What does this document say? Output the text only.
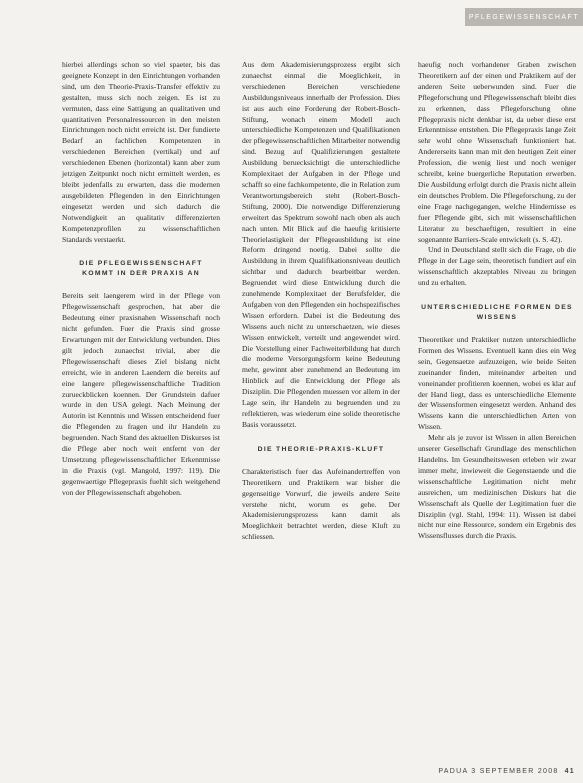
PFLEGEWISSENSCHAFT

hierbei allerdings schon so viel spaeter, bis das geeignete Konzept in den Einrichtungen vorhanden sind, um den Theorie-Praxis-Transfer effektiv zu gestalten, muss sich noch zeigen. Es ist zu vermuten, dass eine Sattigung an qualitativen und quantitativen Personalressourcen in den meisten Einrichtungen noch nicht erreicht ist. Der fundierte Bedarf an fachlichen Kompetenzen in verschiedenen Bereichen (vertikal) und auf verschiedenen Ebenen (horizontal) kann aber zum jetzigen Zeitpunkt noch nicht ermittelt werden, es bleibt jedenfalls zu erwarten, dass die modernen ausgebildeten Pflegenden in den Einrichtungen eingesetzt werden und sich dadurch die Notwendigkeit an qualitativ differenzierten Kompetenzprofilen zu wissenschaftlichen Standards verstaerkt.

DIE PFLEGEWISSENSCHAFT KOMMT IN DER PRAXIS AN

Bereits seit laengerem wird in der Pflege von Pflegewissenschaft gesprochen, hat aber die Bedeutung einer praxisnahen Wissenschaft noch nicht gefunden. Fuer die Praxis sind grosse Erwartungen mit der Entwicklung verbunden. Dies gilt jedoch zunaechst trivial, aber die Pflegewissenschaft dieses Ziel bislang nicht erreicht, wie in anderen Laendern die bereits auf eine langere pflegewissenschaftliche Tradition zurueckblicken koennen. Der Grundstein dafuer wurde in den USA gelegt. Nach Meinung der Autorin ist Kenntnis und Wissen entscheidend fuer die Pflegenden zu fragen und ihr Handeln zu begruenden. Nach Stand des aktuellen Diskurses ist die Pflege aber noch weit entfernt von der Umsetzung pflegewissenschaftlicher Erkenntnisse in die Praxis (vgl. Mangold, 1997: 119). Die gegenwaertige Pflegepraxis fuehlt sich weitgehend von der Pflegewissenschaft abgehoben.

Aus dem Akademisierungsprozess ergibt sich zunaechst einmal die Moeglichkeit, in verschiedenen Bereichen verschiedene Ausbildungsniveaus innerhalb der Profession. Dies ist aus auch eine Forderung der Robert-Bosch-Stiftung, wonach einem Modell auch unterschiedliche Kompetenzen und Qualifikationen der pflegewissenschaftlichen Mitarbeiter notwendig sind. Bezug auf Qualifizierungen gestaltete Ausbildung beruecksichtigt die unterschiedliche Komplexitaet der Aufgaben in der Pflege und schafft so eine fachkompetente, die in Relation zum Verantwortungsbereich steht (Robert-Bosch-Stiftung, 2000). Die notwendige Differenzierung erweitert das Spektrum sowohl nach oben als auch nach unten. Mit Blick auf die haeufig kritisierte Theorielastigkeit der Pflegeausbildung ist eine Reform dringend noetig. Dabei sollte die Ausbildung in ihrem Qualifikationsniveau deutlich sichtbar und dadurch bearbeitbar werden. Begruendet wird diese Entwicklung durch die zunehmende Komplexitaet der Berufsfelder, die Aufgaben von den Pflegenden ein hochspezifisches Wissen erfordern. Dabei ist die Bedeutung des Wissens auch nicht zu unterschaetzen, wie dieses Wissen entwickelt, verteilt und angewendet wird. Die Vorstellung einer Fachweiterbildung hat durch die moderne Versorgungsform keine Bedeutung mehr, gewinnt aber zunehmend an Bedeutung im Hinblick auf die Entwicklung der Pflege als Disziplin. Die Pflegenden muessen vor allem in der Lage sein, ihr Handeln zu begruenden und zu reflektieren, was wiederum eine solide theoretische Basis voraussetzt.

DIE THEORIE-PRAXIS-KLUFT

Charakteristisch fuer das Aufeinandertreffen von Theoretikern und Praktikern war bisher die gegenseitige Vorwurf, die jeweils andere Seite verstehe nicht, worum es gehe. Der Akademisierungsprozess kann damit als Moeglichkeit betrachtet werden, diese Kluft zu schliessen.

haeufig noch vorhandener Graben zwischen Theoretikern auf der einen und Praktikern auf der anderen Seite ueberwunden sind. Fuer die Pflegeforschung und Pflegewissenschaft bleibt dies zu erkennen, dass Pflegeforschung ohne Pflegepraxis nicht denkbar ist, da ueber diese erst Erkenntnisse entstehen. Die Pflegepraxis lange Zeit sehr wohl ohne Wissenschaft funktioniert hat. Andererseits kann man mit den heutigen Zeit einer Profession, die wenig liest und noch weniger schreibt, keine buergerliche Reputation erwerben. Die Ausbildung erfolgt durch die Praxis nicht allein ein deutsches Problem. Die Pflegeforschung, zu der eine Frage nachgegangen, welche Hindernisse es fuer Pflegende gibt, sich mit wissenschaftlichen Literatur zu beschaeftigen, resultiert in eine sogenannte Barriers-Scale entwickelt (s. S. 42).

Und in Deutschland stellt sich die Frage, ob die Pflege in der Lage sein, theoretisch fundiert auf ein wissenschaftlich akzeptables Niveau zu bringen und zu erhalten.

UNTERSCHIEDLICHE FORMEN DES WISSENS

Theoretiker und Praktiker nutzen unterschiedliche Formen des Wissens. Eventuell kann dies ein Weg sein, Gegensaetze aufzuzeigen, wie beide Seiten zueinander finden, miteinander arbeiten und voneinander profitieren koennen, wobei es klar auf der Hand liegt, dass es unterschiedliche Elemente der Wissensformen eingesetzt werden. Anhand des Wissens kann die unterschiedlichen Arten von Wissen.

Mehr als je zuvor ist Wissen in allen Bereichen unserer Gesellschaft Grundlage des menschlichen Handelns. Im Gesundheitswesen erleben wir zwar immer mehr, inwieweit die Gegenstaende und die wissenschaftliche Legitimation nicht mehr ausreichen, um medizinischen Diskurs hat die Wissenschaft als Quelle der Legitimation fuer die Disziplin (vgl. Stahl, 1994: 11). Wissen ist dabei nicht nur eine Ressource, sondern ein Ergebnis des Wissensflusses durch die Praxis.

PADUA 3 SEPTEMBER 2008 41
